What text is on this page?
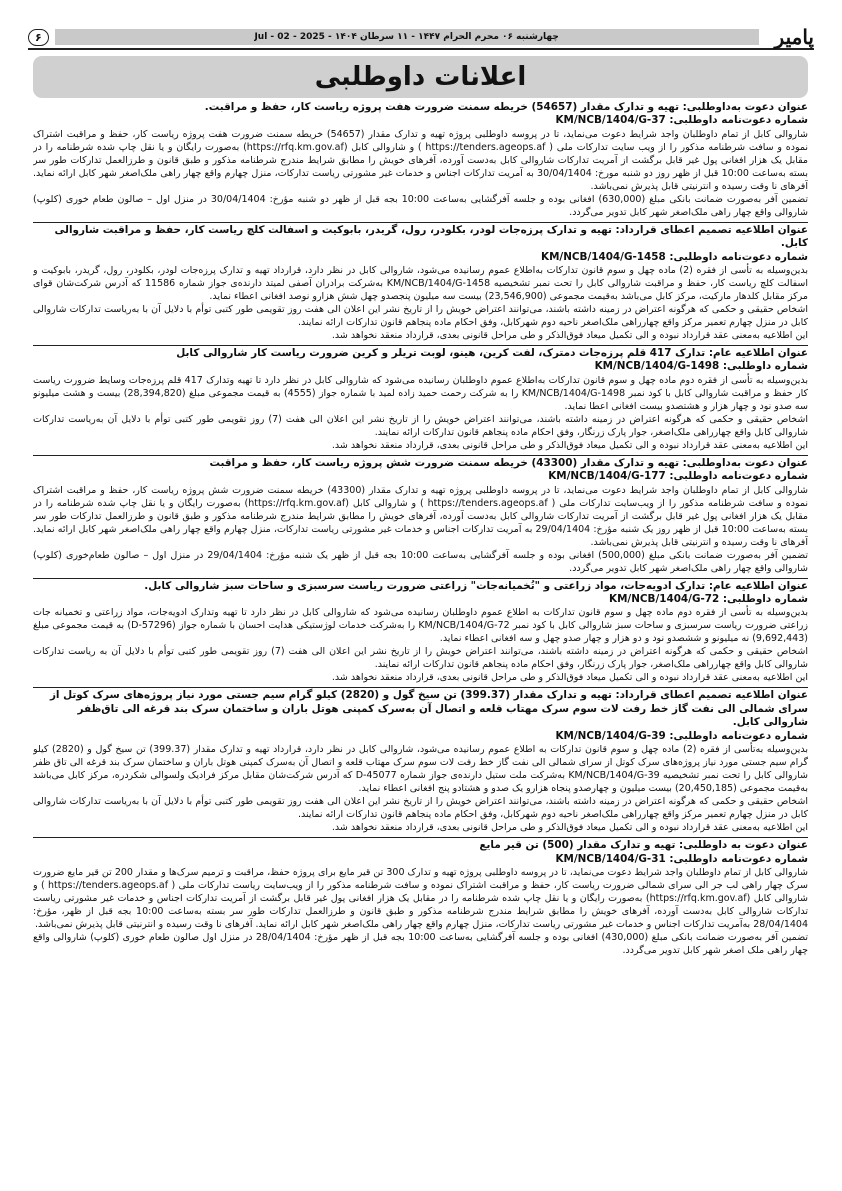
پامیر
چهارشنبه ۰۶ محرم الحرام ۱۴۴۷ - ۱۱ سرطان ۱۴۰۴ - Jul - 02 - 2025
۶
اعلانات داوطلبی

عنوان دعوت به‌داوطلبی: تهیه و تدارک مقدار (54657) خریطه سمنت ضرورت هفت پروژه ریاست کار، حفظ و مراقبت.

شماره دعوت‌نامه داوطلبی: KM/NCB/1404/G-37

شاروالی کابل از تمام داوطلبان واجد شرایط دعوت می‌نماید، تا در پروسه داوطلبی پروژه تهیه و تدارک مقدار (54657) خریطه سمنت ضرورت هفت پروژه ریاست کار، حفظ و مراقبت اشتراک نموده و سافت شرطنامه مذکور را از ویب سایت تدارکات ملی ( https://tenders.ageops.af ) و شاروالی کابل (https://rfq.km.gov.af) به‌صورت رایگان و یا نقل چاپ شده شرطنامه را در مقابل یک هزار افغانی پول غیر قابل برگشت از آمریت تدارکات شاروالی کابل به‌دست آورده، آفرهای خویش را مطابق شرایط مندرج شرطنامه مذکور و طبق قانون و طرزالعمل تدارکات طور سر بسته به‌ساعت 10:00 قبل از ظهر روز دو شنبه مورخ: 30/04/1404 به آمریت تدارکات اجناس و خدمات غیر مشورتی ریاست تدارکات، منزل چهارم واقع چهار راهی ملک‌اصغر شهر کابل ارائه نماید. آفرهای نا وقت رسیده و انترنیتی قابل پذیرش نمی‌باشد.

تضمین آفر به‌صورت ضمانت بانکی مبلغ (630,000) افغانی بوده و جلسه آفرگشایی به‌ساعت 10:00 بجه قبل از ظهر دو شنبه مؤرخ: 30/04/1404 در منزل اول – صالون طعام خوری (کلوپ) شاروالی واقع چهار راهی ملک‌اصغر شهر کابل تدویر می‌گردد.

عنوان اطلاعیه تصمیم اعطای قرارداد: تهیه و تدارک پرزه‌جات لودر، بکلودر، رول، گریدر، بابوکیت و اسفالت کلچ ریاست کار، حفظ و مراقبت شاروالی کابل.

شماره دعوت‌نامه داوطلبی: KM/NCB/1404/G-1458

بدین‌وسیله به تأسی از فقره (2) ماده چهل و سوم قانون تدارکات به‌اطلاع عموم رسانیده می‌شود، شاروالی کابل در نظر دارد، قرارداد تهیه و تدارک پرزه‌جات لودر، بکلودر، رول، گریدر، بابوکیت و اسفالت کلچ ریاست کار، حفظ و مراقبت شاروالی کابل را تحت نمبر تشخیصیه KM/NCB/1404/G-1458 به‌شرکت برادران آصفی لمیتد دارنده‌ی جواز شماره 11586 که آدرس شرکت‌شان قوای مرکز مقابل کلدهار مارکیت، مرکز کابل می‌باشد به‌قیمت مجموعی (23,546,900) بیست سه میلیون پنجصدو چهل شش هزارو نوصد افغانی اعطاء نماید.

اشخاص حقیقی و حکمی که هرگونه اعتراض در زمینه داشته باشند، می‌توانند اعتراض خویش را از تاریخ نشر این اعلان الی هفت روز تقویمی طور کتبی توأم با دلایل آن با به‌ریاست تدارکات شاروالی کابل در منزل چهارم تعمیر مرکز واقع چهارراهی ملک‌اصغر ناحیه دوم شهرکابل، وفق احکام ماده پنجاهم قانون تدارکات ارائه نمایند.

این اطلاعیه به‌معنی عقد قرارداد نبوده و الی تکمیل میعاد فوق‌الذکر و طی مراحل قانونی بعدی، قرارداد منعقد نخواهد شد.

عنوان اطلاعیه عام: تدارک 417 قلم پرزه‌جات دمترک، لفت کرین، هینو، لوبت تریلر و کرین ضرورت ریاست کار شاروالی کابل

شماره داوطلبی: KM/NCB/1404/G-1498

بدین‌وسیله به تأسی از فقره دوم ماده چهل و سوم قانون تدارکات به‌اطلاع عموم داوطلبان رسانیده می‌شود که شاروالی کابل در نظر دارد تا تهیه وتدارک 417 قلم پرزه‌جات وسایط ضرورت ریاست کار حفظ و مراقبت شاروالی کابل با کود نمبر KM/NCB/1404/G-1498 را به شرکت رحمت حمید زاده لمید با شماره جواز (4555) به قیمت مجموعی مبلغ (28,394,820) بیست و هشت میلیونو سه صدو نود و چهار هزار و هشتصدو بیست افغانی اعطا نماید.

اشخاص حقیقی و حکمی که هرگونه اعتراض در زمینه داشته باشند، می‌توانند اعتراض خویش را از تاریخ نشر این اعلان الی هفت (7) روز تقویمی طور کتبی توأم با دلایل آن به‌ریاست تدارکات شاروالی کابل واقع چهارراهی ملک‌اصغر، جوار پارک زرنگار، وفق احکام ماده پنجاهم قانون تدارکات ارائه نمایند.

این اطلاعیه به‌معنی عقد قرارداد نبوده و الی تکمیل میعاد فوق‌الذکر و طی مراحل قانونی بعدی، قرارداد منعقد نخواهد شد.

عنوان دعوت به‌داوطلبی: تهیه و تدارک مقدار (43300) خریطه سمنت ضرورت شش پروژه ریاست کار، حفظ و مراقبت

شماره دعوت‌نامه داوطلبی: KM/NCB/1404/G-177

شاروالی کابل از تمام داوطلبان واجد شرایط دعوت می‌نماید، تا در پروسه داوطلبی پروژه تهیه و تدارک مقدار (43300) خریطه سمنت ضرورت شش پروژه ریاست کار، حفظ و مراقبت اشتراک نموده و سافت شرطنامه مذکور را از ویب‌سایت تدارکات ملی ( https://tenders.ageops.af ) و شاروالی کابل (https://rfq.km.gov.af) به‌صورت رایگان و یا نقل چاپ شده شرطنامه را در مقابل یک هزار افغانی پول غیر قابل برگشت از آمریت تدارکات شاروالی کابل به‌دست آورده، آفرهای خویش را مطابق شرایط مندرج شرطنامه مذکور و طبق قانون و طرزالعمل تدارکات طور سر بسته به‌ساعت 10:00 قبل از ظهر روز یک شنبه مؤرخ: 29/04/1404 به آمریت تدارکات اجناس و خدمات غیر مشورتی ریاست تدارکات، منزل چهارم واقع چهار راهی ملک‌اصغر شهر کابل ارائه نماید. آفرهای نا وقت رسیده و انترنیتی قابل پذیرش نمی‌باشد.

تضمین آفر به‌صورت ضمانت بانکی مبلغ (500,000) افغانی بوده و جلسه آفرگشایی به‌ساعت 10:00 بجه قبل از ظهر یک شنبه مؤرخ: 29/04/1404 در منزل اول – صالون طعام‌خوری (کلوپ) شاروالی واقع چهار راهی ملک‌اصغر شهر کابل تدویر می‌گردد.

عنوان اطلاعیه عام: تدارک ادویه‌جات، مواد زراعتی و "تُخمیانه‌جات" زراعتی ضرورت ریاست سرسبزی و ساحات سبز شاروالی کابل.

شماره داوطلبی: KM/NCB/1404/G-72

بدین‌وسیله به تأسی از فقره دوم ماده چهل و سوم قانون تدارکات به اطلاع عموم داوطلبان رسانیده می‌شود که شاروالی کابل در نظر دارد تا تهیه وتدارک ادویه‌جات، مواد زراعتی و تخمیانه جات زراعتی ضرورت ریاست سرسبزی و ساحات سبز شاروالی کابل با کود نمبر KM/NCB/1404/G-72 را به‌شرکت خدمات لوژستیکی هدایت احسان با شماره جواز (D-57296) به قیمت مجموعی مبلغ (9,692,443) نه میلیونو و ششصدو نود و دو هزار و چهار صدو چهل و سه افغانی اعطاء نماید.

اشخاص حقیقی و حکمی که هرگونه اعتراض در زمینه داشته باشند، می‌توانند اعتراض خویش را از تاریخ نشر این اعلان الی هفت (7) روز تقویمی طور کتبی توأم با دلایل آن به ریاست تدارکات شاروالی کابل واقع چهارراهی ملک‌اصغر، جوار پارک زرنگار، وفق احکام ماده پنجاهم قانون تدارکات ارائه نمایند.

این اطلاعیه به‌معنی عقد قرارداد نبوده و الی تکمیل میعاد فوق‌الذکر و طی مراحل قانونی بعدی، قرارداد منعقد نخواهد شد.

عنوان اطلاعیه تصمیم اعطای قرارداد: تهیه و تدارک مقدار (399.37) تن سیخ گول و (2820) کیلو گرام سیم جستی مورد نیاز پروژه‌های سرک کوتل از سرای شمالی الی نفت گاز خط رفت لات سوم سرک مهتاب قلعه و اتصال آن به‌سرک کمپنی هوتل باران و ساختمان سرک بند قرغه الی تاق‌ظفر شاروالی کابل.

شماره دعوت‌نامه داوطلبی: KM/NCB/1404/G-39

بدین‌وسیله به‌تأسی از فقره (2) ماده چهل و سوم قانون تدارکات به اطلاع عموم رسانیده می‌شود، شاروالی کابل در نظر دارد، قرارداد تهیه و تدارک مقدار (399.37) تن سیخ گول و (2820) کیلو گرام سیم جستی مورد نیاز پروژه‌های سرک کوتل از سرای شمالی الی نفت گاز خط رفت لات سوم سرک مهتاب قلعه و اتصال آن به‌سرک کمپنی هوتل باران و ساختمان سرک بند قرغه الی تاق ظفر شاروالی کابل را تحت نمبر تشخیصیه KM/NCB/1404/G-39 به‌شرکت ملت ستیل دارنده‌ی جواز شماره D-45077 که آدرس شرکت‌شان مقابل مرکز فرادیک ولسوالی شکردره، مرکز کابل می‌باشد به‌قیمت مجموعی (20,450,185) بیست میلیون و چهارصدو پنجاه هزارو یک صدو و هشتادو پنج افغانی اعطاء نماید.

اشخاص حقیقی و حکمی که هرگونه اعتراض در زمینه داشته باشند، می‌توانند اعتراض خویش را از تاریخ نشر این اعلان الی هفت روز تقویمی طور کتبی توأم با دلایل آن با به‌ریاست تدارکات شاروالی کابل در منزل چهارم تعمیر مرکز واقع چهارراهی ملک‌اصغر ناحیه دوم شهرکابل، وفق احکام ماده پنجاهم قانون تدارکات ارائه نمایند.

این اطلاعیه به‌معنی عقد قرارداد نبوده و الی تکمیل میعاد فوق‌الذکر و طی مراحل قانونی بعدی، قرارداد منعقد نخواهد شد.

عنوان دعوت به داوطلبی: تهیه و تدارک مقدار (500) تن قیر مایع

شماره دعوت‌نامه داوطلبی: KM/NCB/1404/G-31

شاروالی کابل از تمام داوطلبان واجد شرایط دعوت می‌نماید، تا در پروسه داوطلبی پروژه تهیه و تدارک 300 تن قیر مایع برای پروژه حفظ، مراقبت و ترمیم سرک‌ها و مقدار 200 تن قیر مایع ضرورت سرک چهار راهی لب جر الی سرای شمالی ضرورت ریاست کار، حفظ و مراقبت اشتراک نموده و سافت شرطنامه مذکور را از ویب‌سایت ریاست تدارکات ملی ( https://tenders.ageops.af ) و شاروالی کابل (https://rfq.km.gov.af) به‌صورت رایگان و یا نقل چاپ شده شرطنامه را در مقابل یک هزار افغانی پول غیر قابل برگشت از آمریت تدارکات اجناس و خدمات غیر مشورتی ریاست تدارکات شاروالی کابل به‌دست آورده، آفرهای خویش را مطابق شرایط مندرج شرطنامه مذکور و طبق قانون و طرزالعمل تدارکات طور سر بسته به‌ساعت 10:00 بجه قبل از ظهر، مؤرخ: 28/04/1404 به‌آمریت تدارکات اجناس و خدمات غیر مشورتی ریاست تدارکات، منزل چهارم واقع چهار راهی ملک‌اصغر شهر کابل ارائه نماید. آفرهای نا وقت رسیده و انترنیتی قابل پذیرش نمی‌باشد.

تضمین آفر به‌صورت ضمانت بانکی مبلغ (430,000) افغانی بوده و جلسه آفرگشایی به‌ساعت 10:00 بجه قبل از ظهر مؤرخ: 28/04/1404 در منزل اول صالون طعام خوری (کلوپ) شاروالی واقع چهار راهی ملک اصغر شهر کابل تدویر می‌گردد.
